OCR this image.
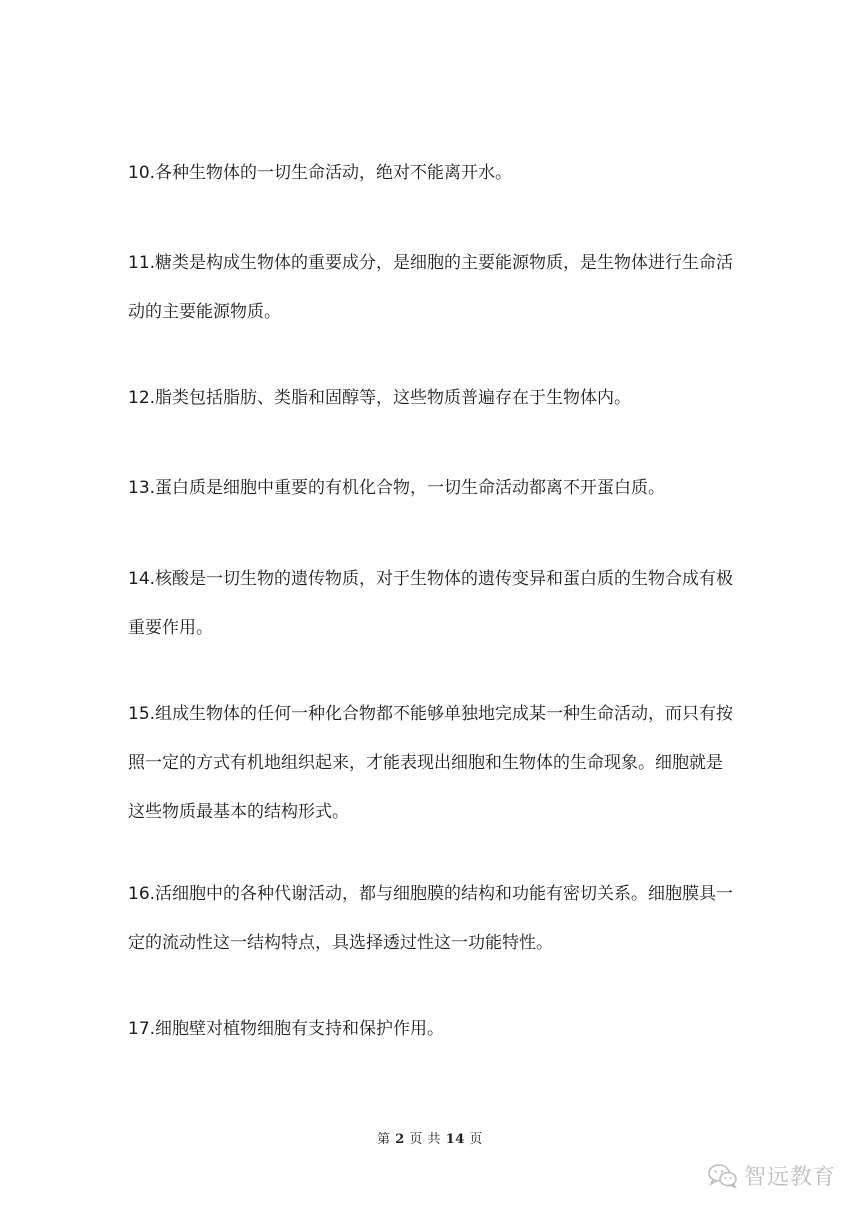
10.各种生物体的一切生命活动，绝对不能离开水。
11.糖类是构成生物体的重要成分，是细胞的主要能源物质，是生物体进行生命活
动的主要能源物质。
12.脂类包括脂肪、类脂和固醇等，这些物质普遍存在于生物体内。
13.蛋白质是细胞中重要的有机化合物，一切生命活动都离不开蛋白质。
14.核酸是一切生物的遗传物质，对于生物体的遗传变异和蛋白质的生物合成有极
重要作用。
15.组成生物体的任何一种化合物都不能够单独地完成某一种生命活动，而只有按
照一定的方式有机地组织起来，才能表现出细胞和生物体的生命现象。细胞就是
这些物质最基本的结构形式。
16.活细胞中的各种代谢活动，都与细胞膜的结构和功能有密切关系。细胞膜具一
定的流动性这一结构特点，具选择透过性这一功能特性。
17.细胞壁对植物细胞有支持和保护作用。
第 2 页 共 14 页
智远教育
